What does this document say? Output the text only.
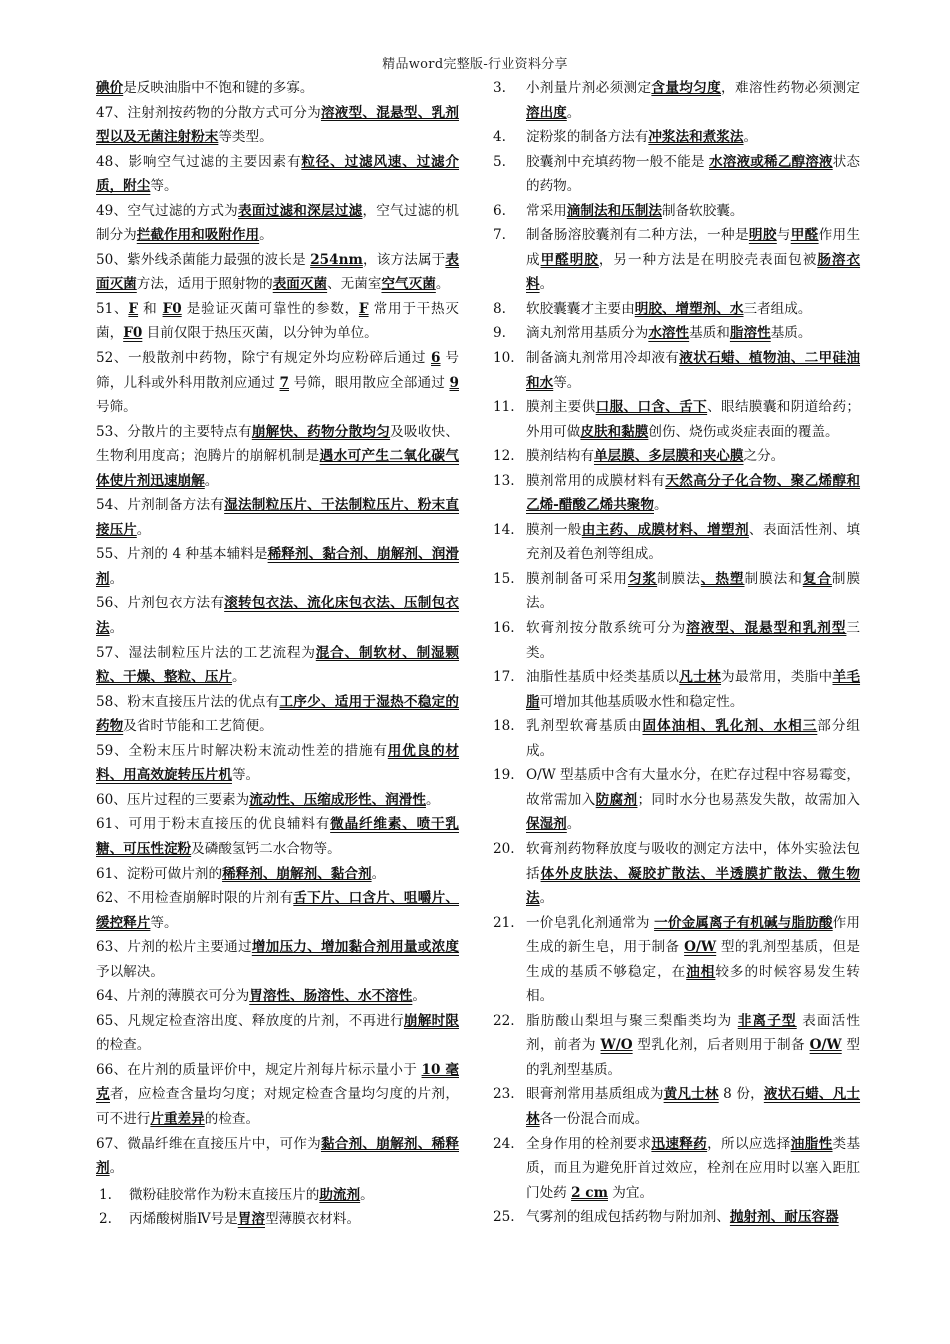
精品word完整版-行业资料分享

碘价是反映油脂中不饱和键的多寡。

47、注射剂按药物的分散方式可分为溶液型、混悬型、乳剂型以及无菌注射粉末等类型。

48、影响空气过滤的主要因素有粒径、过滤风速、过滤介质，附尘等。

49、空气过滤的方式为表面过滤和深层过滤，空气过滤的机制分为拦截作用和吸附作用。

50、紫外线杀菌能力最强的波长是 254nm，该方法属于表面灭菌方法，适用于照射物的表面灭菌、无菌室空气灭菌。

51、F 和 F0 是验证灭菌可靠性的参数，F 常用于干热灭菌，F0 目前仅限于热压灭菌，以分钟为单位。

52、一般散剂中药物，除宁有规定外均应粉碎后通过 6 号筛，儿科或外科用散剂应通过 7 号筛，眼用散应全部通过 9 号筛。

53、分散片的主要特点有崩解快、药物分散均匀及吸收快、生物利用度高；泡腾片的崩解机制是遇水可产生二氧化碳气体使片剂迅速崩解。

54、片剂制备方法有湿法制粒压片、干法制粒压片、粉末直接压片。

55、片剂的 4 种基本辅料是稀释剂、黏合剂、崩解剂、润滑剂。

56、片剂包衣方法有滚转包衣法、流化床包衣法、压制包衣法。

57、湿法制粒压片法的工艺流程为混合、制软材、制湿颗粒、干燥、整粒、压片。

58、粉末直接压片法的优点有工序少、适用于湿热不稳定的药物及省时节能和工艺简便。

59、全粉末压片时解决粉末流动性差的措施有用优良的材料、用高效旋转压片机等。

60、压片过程的三要素为流动性、压缩成形性、润滑性。

61、可用于粉末直接压的优良辅料有微晶纤维素、喷干乳糖、可压性淀粉及磷酸氢钙二水合物等。

61、淀粉可做片剂的稀释剂、崩解剂、黏合剂。

62、不用检查崩解时限的片剂有舌下片、口含片、咀嚼片、缓控释片等。

63、片剂的松片主要通过增加压力、增加黏合剂用量或浓度予以解决。

64、片剂的薄膜衣可分为胃溶性、肠溶性、水不溶性。

65、凡规定检查溶出度、释放度的片剂，不再进行崩解时限的检查。

66、在片剂的质量评价中，规定片剂每片标示量小于 10 毫克者，应检查含量均匀度；对规定检查含量均匀度的片剂，可不进行片重差异的检查。

67、微晶纤维在直接压片中，可作为黏合剂、崩解剂、稀释剂。

1.	微粉硅胶常作为粉末直接压片的助流剂。
2.	丙烯酸树脂Ⅳ号是胃溶型薄膜衣材料。
3.	小剂量片剂必须测定含量均匀度，难溶性药物必须测定溶出度。
4.	淀粉浆的制备方法有冲浆法和煮浆法。
5.	胶囊剂中充填药物一般不能是 水溶液或稀乙醇溶液状态的药物。
6.	常采用滴制法和压制法制备软胶囊。
7.	制备肠溶胶囊剂有二种方法，一种是明胶与甲醛作用生成甲醛明胶，另一种方法是在明胶壳表面包被肠溶衣料。
8.	软胶囊囊才主要由明胶、增塑剂、水三者组成。
9.	滴丸剂常用基质分为水溶性基质和脂溶性基质。
10. 制备滴丸剂常用冷却液有液状石蜡、植物油、二甲硅油和水等。
11. 膜剂主要供口服、口含、舌下、眼结膜囊和阴道给药；外用可做皮肤和黏膜创伤、烧伤或炎症表面的覆盖。
12. 膜剂结构有单层膜、多层膜和夹心膜之分。
13. 膜剂常用的成膜材料有天然高分子化合物、聚乙烯醇和乙烯-醋酸乙烯共聚物。
14. 膜剂一般由主药、成膜材料、增塑剂、表面活性剂、填充剂及着色剂等组成。
15. 膜剂制备可采用匀浆制膜法、热塑制膜法和复合制膜法。
16. 软膏剂按分散系统可分为溶液型、混悬型和乳剂型三类。
17. 油脂性基质中烃类基质以凡士林为最常用，类脂中羊毛脂可增加其他基质吸水性和稳定性。
18. 乳剂型软膏基质由固体油相、乳化剂、水相三部分组成。
19. O/W 型基质中含有大量水分，在贮存过程中容易霉变，故常需加入防腐剂；同时水分也易蒸发失散，故需加入保湿剂。
20. 软膏剂药物释放度与吸收的测定方法中，体外实验法包括体外皮肤法、凝胶扩散法、半透膜扩散法、微生物法。
21. 一价皂乳化剂通常为 一价金属离子有机碱与脂肪酸作用生成的新生皂，用于制备 O/W 型的乳剂型基质，但是生成的基质不够稳定，在油相较多的时候容易发生转相。
22. 脂肪酸山梨坦与聚三梨酯类均为 非离子型 表面活性剂，前者为 W/O 型乳化剂，后者则用于制备 O/W 型的乳剂型基质。
23. 眼膏剂常用基质组成为黄凡士林 8 份，液状石蜡、凡士林各一份混合而成。
24. 全身作用的栓剂要求迅速释药，所以应选择油脂性类基质，而且为避免肝首过效应，栓剂在应用时以塞入距肛门处药 2 cm 为宜。
25. 气雾剂的组成包括药物与附加剂、抛射剂、耐压容器
